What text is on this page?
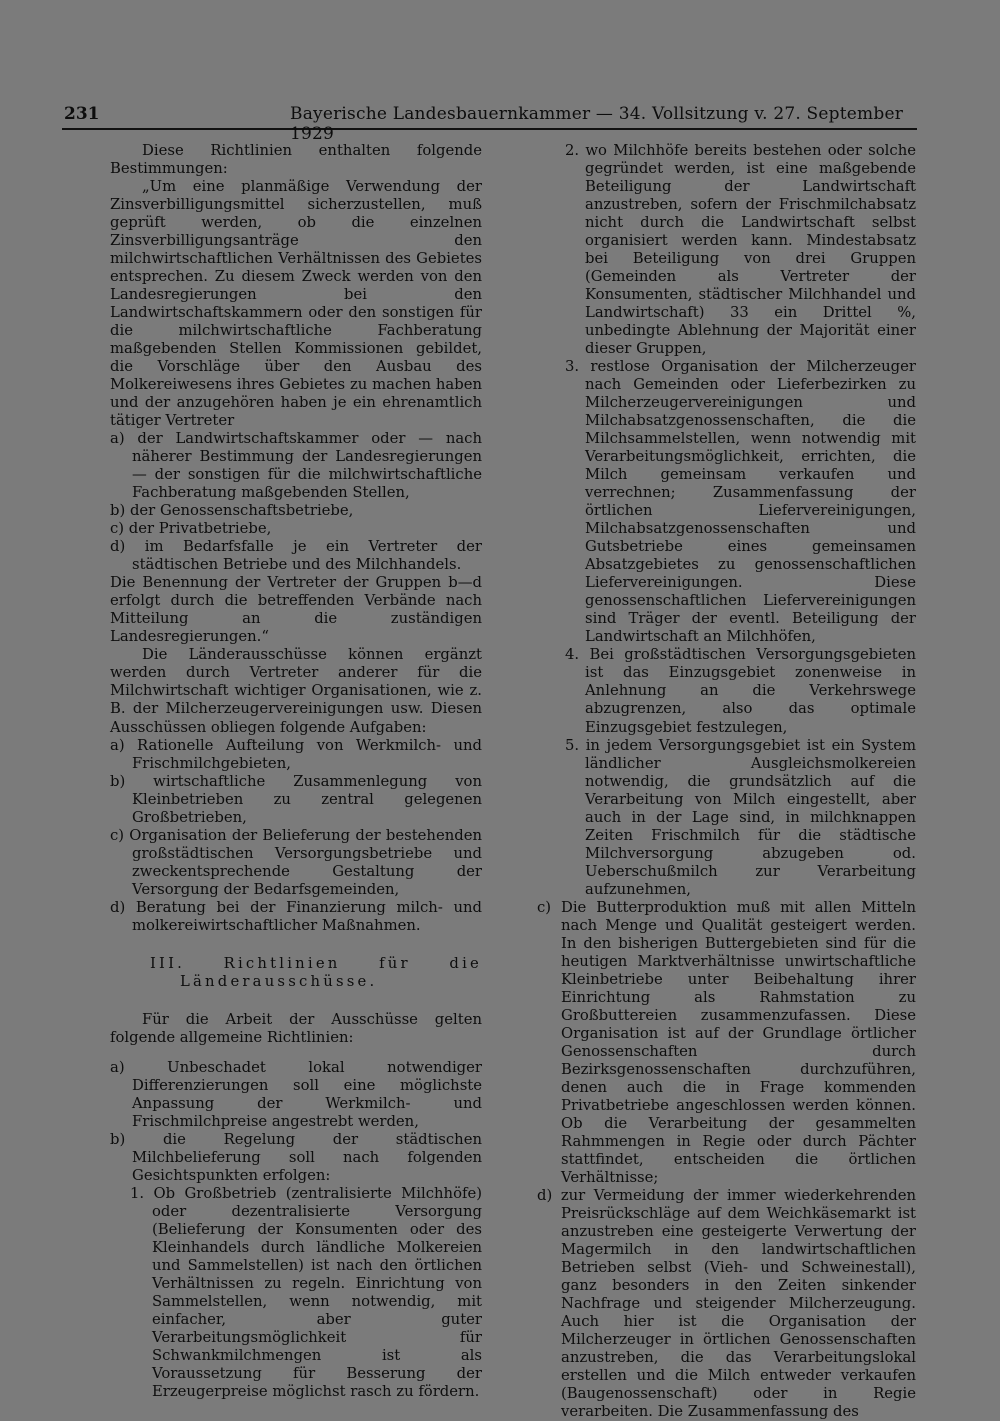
231	Bayerische Landesbauernkammer — 34. Vollsitzung v. 27. September 1929

Diese Richtlinien enthalten folgende Bestimmungen:

„Um eine planmäßige Verwendung der Zinsverbilligungsmittel sicherzustellen, muß geprüft werden, ob die einzelnen Zinsverbilligungsanträge den milchwirtschaftlichen Verhältnissen des Gebietes entsprechen. Zu diesem Zweck werden von den Landesregierungen bei den Landwirtschaftskammern oder den sonstigen für die milchwirtschaftliche Fachberatung maßgebenden Stellen Kommissionen gebildet, die Vorschläge über den Ausbau des Molkereiwesens ihres Gebietes zu machen haben und der anzugehören haben je ein ehrenamtlich tätiger Vertreter

a) der Landwirtschaftskammer oder — nach näherer Bestimmung der Landesregierungen — der sonstigen für die milchwirtschaftliche Fachberatung maßgebenden Stellen,

b) der Genossenschaftsbetriebe,

c) der Privatbetriebe,

d) im Bedarfsfalle je ein Vertreter der städtischen Betriebe und des Milchhandels.

Die Benennung der Vertreter der Gruppen b—d erfolgt durch die betreffenden Verbände nach Mitteilung an die zuständigen Landesregierungen.“

Die Länderausschüsse können ergänzt werden durch Vertreter anderer für die Milchwirtschaft wichtiger Organisationen, wie z. B. der Milcherzeugervereinigungen usw. Diesen Ausschüssen obliegen folgende Aufgaben:

a) Rationelle Aufteilung von Werkmilch- und Frischmilchgebieten,

b) wirtschaftliche Zusammenlegung von Kleinbetrieben zu zentral gelegenen Großbetrieben,

c) Organisation der Belieferung der bestehenden großstädtischen Versorgungsbetriebe und zweckentsprechende Gestaltung der Versorgung der Bedarfsgemeinden,

d) Beratung bei der Finanzierung milch- und molkereiwirtschaftlicher Maßnahmen.

III. Richtlinien für die Länderausschüsse.

Für die Arbeit der Ausschüsse gelten folgende allgemeine Richtlinien:

a) Unbeschadet lokal notwendiger Differenzierungen soll eine möglichste Anpassung der Werkmilch- und Frischmilchpreise angestrebt werden,

b) die Regelung der städtischen Milchbelieferung soll nach folgenden Gesichtspunkten erfolgen:

1. Ob Großbetrieb (zentralisierte Milchhöfe) oder dezentralisierte Versorgung (Belieferung der Konsumenten oder des Kleinhandels durch ländliche Molkereien und Sammelstellen) ist nach den örtlichen Verhältnissen zu regeln. Einrichtung von Sammelstellen, wenn notwendig, mit einfacher, aber guter Verarbeitungsmöglichkeit für Schwankmilchmengen ist als Voraussetzung für Besserung der Erzeugerpreise möglichst rasch zu fördern.

2. wo Milchhöfe bereits bestehen oder solche gegründet werden, ist eine maßgebende Beteiligung der Landwirtschaft anzustreben, sofern der Frischmilchabsatz nicht durch die Landwirtschaft selbst organisiert werden kann. Mindestabsatz bei Beteiligung von drei Gruppen (Gemeinden als Vertreter der Konsumenten, städtischer Milchhandel und Landwirtschaft) 33 ein Drittel %, unbedingte Ablehnung der Majorität einer dieser Gruppen,

3. restlose Organisation der Milcherzeuger nach Gemeinden oder Lieferbezirken zu Milcherzeugervereinigungen und Milchabsatzgenossenschaften, die die Milchsammelstellen, wenn notwendig mit Verarbeitungsmöglichkeit, errichten, die Milch gemeinsam verkaufen und verrechnen; Zusammenfassung der örtlichen Liefervereinigungen, Milchabsatzgenossenschaften und Gutsbetriebe eines gemeinsamen Absatzgebietes zu genossenschaftlichen Liefervereinigungen. Diese genossenschaftlichen Liefervereinigungen sind Träger der eventl. Beteiligung der Landwirtschaft an Milchhöfen,

4. Bei großstädtischen Versorgungsgebieten ist das Einzugsgebiet zonenweise in Anlehnung an die Verkehrswege abzugrenzen, also das optimale Einzugsgebiet festzulegen,

5. in jedem Versorgungsgebiet ist ein System ländlicher Ausgleichsmolkereien notwendig, die grundsätzlich auf die Verarbeitung von Milch eingestellt, aber auch in der Lage sind, in milchknappen Zeiten Frischmilch für die städtische Milchversorgung abzugeben od. Ueberschußmilch zur Verarbeitung aufzunehmen,

c) Die Butterproduktion muß mit allen Mitteln nach Menge und Qualität gesteigert werden. In den bisherigen Buttergebieten sind für die heutigen Marktverhältnisse unwirtschaftliche Kleinbetriebe unter Beibehaltung ihrer Einrichtung als Rahmstation zu Großbuttereien zusammenzufassen. Diese Organisation ist auf der Grundlage örtlicher Genossenschaften durch Bezirksgenossenschaften durchzuführen, denen auch die in Frage kommenden Privatbetriebe angeschlossen werden können. Ob die Verarbeitung der gesammelten Rahmmengen in Regie oder durch Pächter stattfindet, entscheiden die örtlichen Verhältnisse;

d) zur Vermeidung der immer wiederkehrenden Preisrückschläge auf dem Weichkäsemarkt ist anzustreben eine gesteigerte Verwertung der Magermilch in den landwirtschaftlichen Betrieben selbst (Vieh- und Schweinestall), ganz besonders in den Zeiten sinkender Nachfrage und steigender Milcherzeugung. Auch hier ist die Organisation der Milcherzeuger in örtlichen Genossenschaften anzustreben, die das Verarbeitungslokal erstellen und die Milch entweder verkaufen (Baugenossenschaft) oder in Regie verarbeiten. Die Zusammenfassung des
